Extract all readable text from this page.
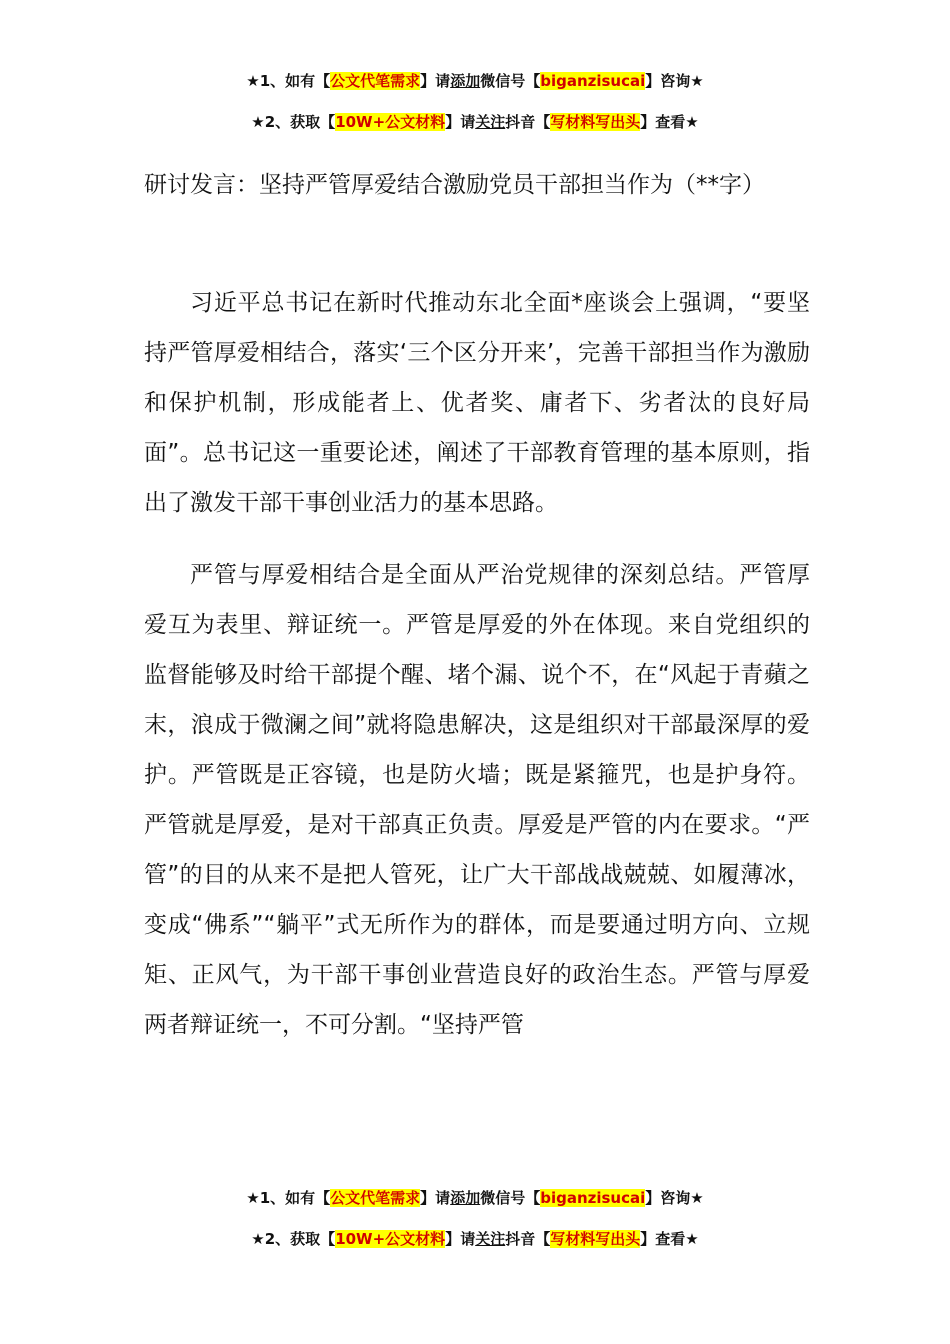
★1、如有【公文代笔需求】请添加微信号【biganzisucai】咨询★
★2、获取【10W+公文材料】请关注抖音【写材料写出头】查看★
研讨发言：坚持严管厚爱结合激励党员干部担当作为（**字）

习近平总书记在新时代推动东北全面*座谈会上强调，“要坚持严管厚爱相结合，落实‘三个区分开来’，完善干部担当作为激励和保护机制，形成能者上、优者奖、庸者下、劣者汰的良好局面”。总书记这一重要论述，阐述了干部教育管理的基本原则，指出了激发干部干事创业活力的基本思路。

严管与厚爱相结合是全面从严治党规律的深刻总结。严管厚爱互为表里、辩证统一。严管是厚爱的外在体现。来自党组织的监督能够及时给干部提个醒、堵个漏、说个不，在“风起于青蘋之末，浪成于微澜之间”就将隐患解决，这是组织对干部最深厚的爱护。严管既是正容镜，也是防火墙；既是紧箍咒，也是护身符。严管就是厚爱，是对干部真正负责。厚爱是严管的内在要求。“严管”的目的从来不是把人管死，让广大干部战战兢兢、如履薄冰，变成“佛系”“躺平”式无所作为的群体，而是要通过明方向、立规矩、正风气，为干部干事创业营造良好的政治生态。严管与厚爱两者辩证统一，不可分割。“坚持严管

★1、如有【公文代笔需求】请添加微信号【biganzisucai】咨询★
★2、获取【10W+公文材料】请关注抖音【写材料写出头】查看★
